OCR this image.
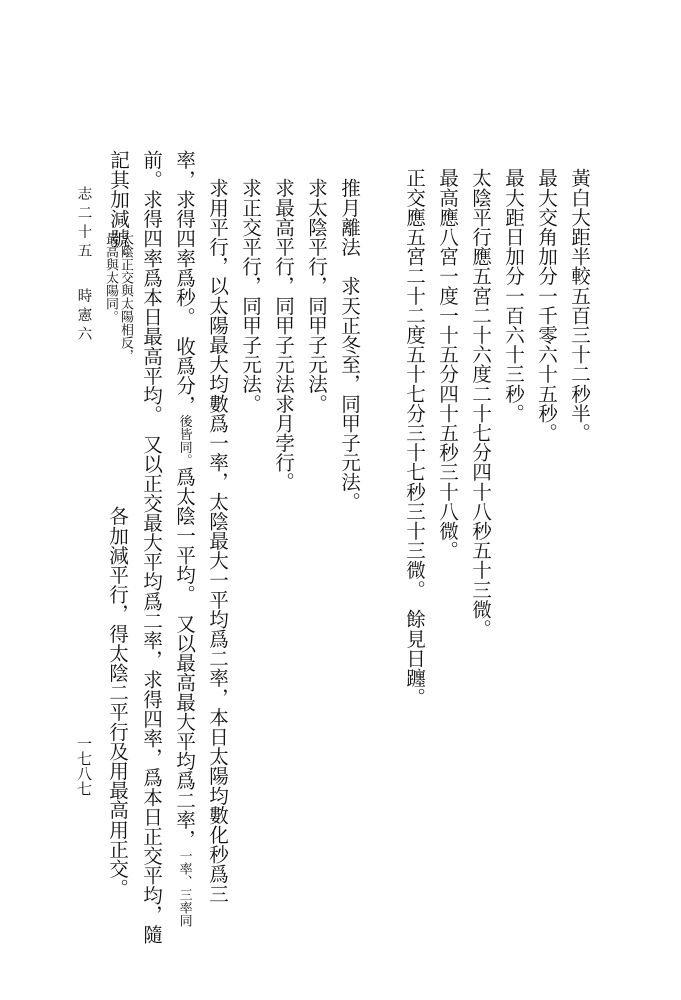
黃白大距半較五百三十二秒半。

最大交角加分一千零六十五秒。

最大距日加分一百六十三秒。

太陰平行應五宮二十六度二十七分四十八秒五十三微。

最高應八宮一度一十五分四十五秒三十八微。

正交應五宮二十二度五十七分三十七秒三十三微。　餘見日躔。

推月離法　求天正冬至，同甲子元法。

求太陰平行，同甲子元法。

求最高平行，同甲子元法求月孛行。

求正交平行，同甲子元法。

求用平行，以太陽最大均數爲一率，太陰最大一平均爲二率，本日太陽均數化秒爲三

率，求得四率爲秒。　收爲分，後皆同。爲太陰一平均。　又以最高最大平均爲二率，一率、三率同

前。求得四率爲本日最高平均。　又以正交最大平均爲二率，求得四率，爲本日正交平均，隨

記其加減號。

太陰正交與太陽相反，

最高與太陽同。

各加減平行，得太陰二平行及用最高用正交。

志 二 十 五

時 憲 六

一七八七
